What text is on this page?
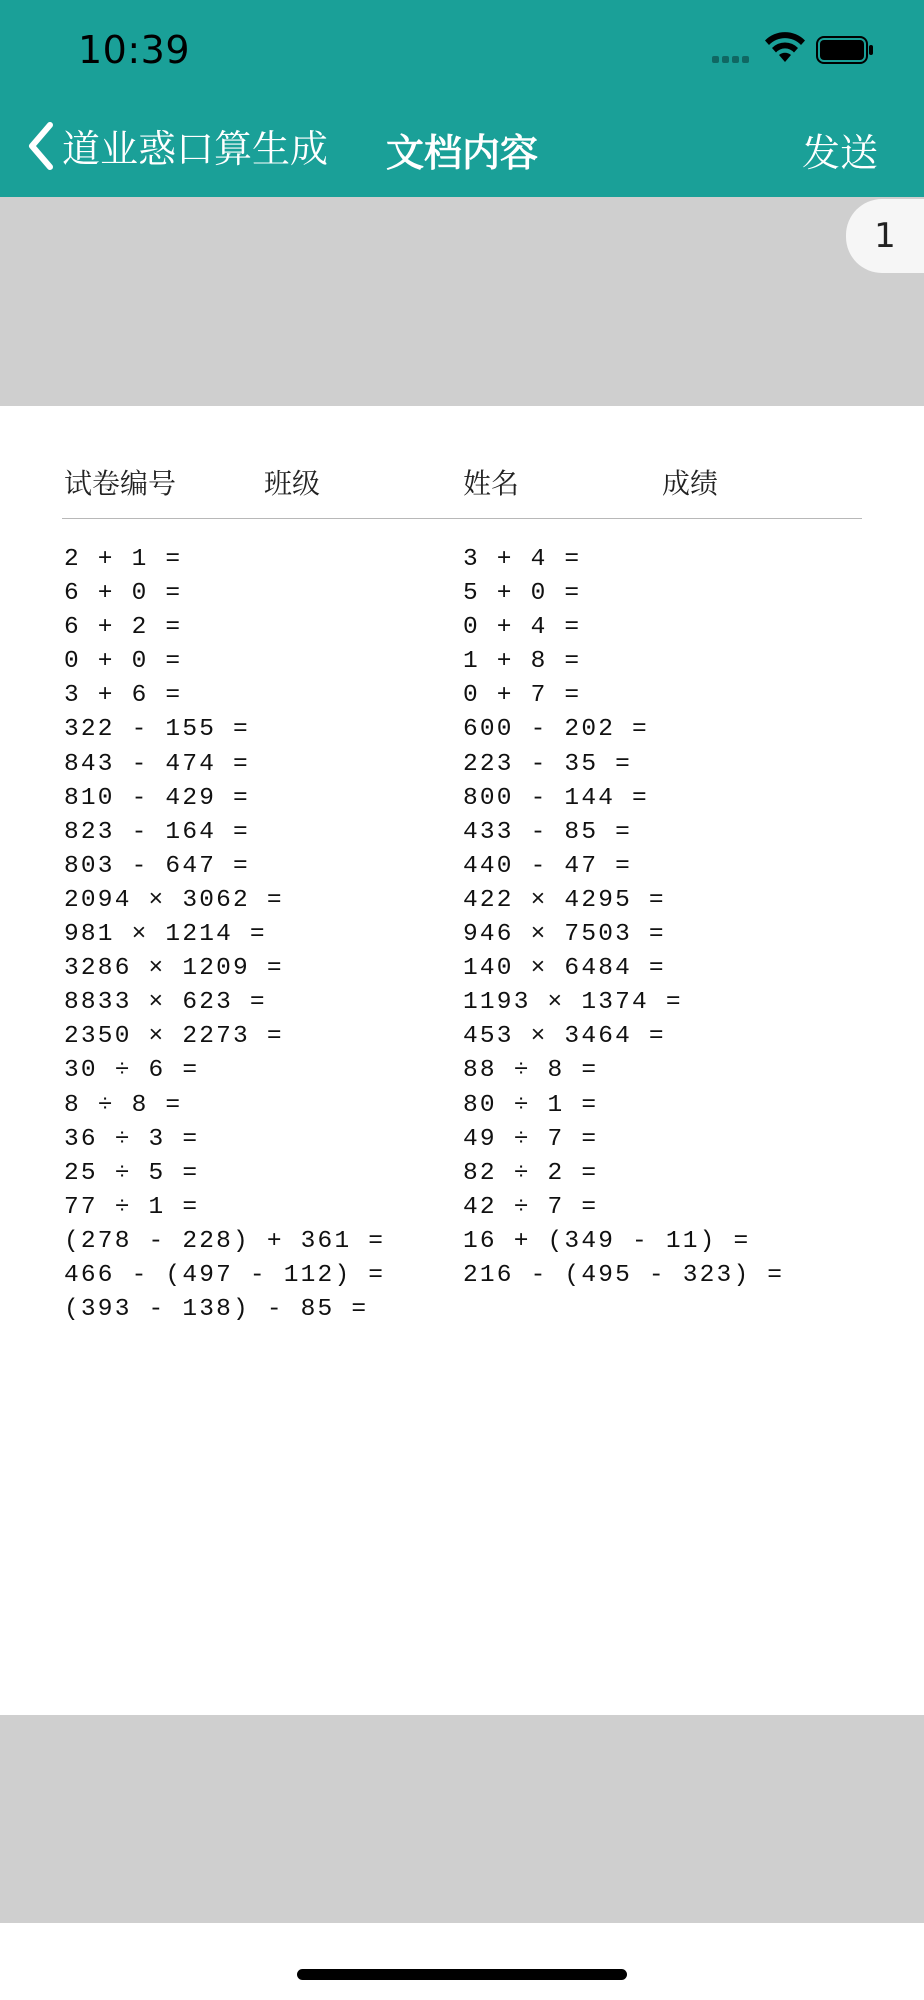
10:39
道业惑口算生成 文档内容	发送
1
试卷编号	班级	姓名	成绩
2 + 1 =
6 + 0 =
6 + 2 =
0 + 0 =
3 + 6 =
322 - 155 =
843 - 474 =
810 - 429 =
823 - 164 =
803 - 647 =
2094 × 3062 =
981 × 1214 =
3286 × 1209 =
8833 × 623 =
2350 × 2273 =
30 ÷ 6 =
8 ÷ 8 =
36 ÷ 3 =
25 ÷ 5 =
77 ÷ 1 =
(278 - 228) + 361 =
466 - (497 - 112) =
(393 - 138) - 85 =
3 + 4 =
5 + 0 =
0 + 4 =
1 + 8 =
0 + 7 =
600 - 202 =
223 - 35 =
800 - 144 =
433 - 85 =
440 - 47 =
422 × 4295 =
946 × 7503 =
140 × 6484 =
1193 × 1374 =
453 × 3464 =
88 ÷ 8 =
80 ÷ 1 =
49 ÷ 7 =
82 ÷ 2 =
42 ÷ 7 =
16 + (349 - 11) =
216 - (495 - 323) =
